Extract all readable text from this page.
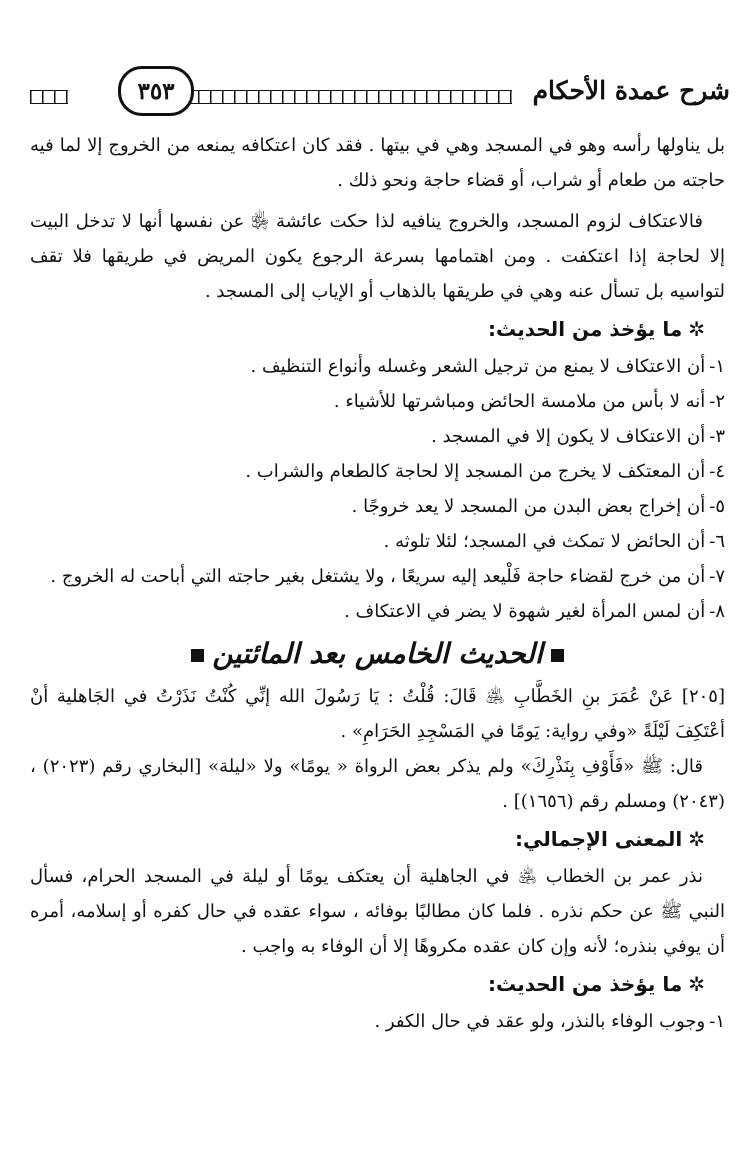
شرح عمدة الأحكام
٣٥٣

بل يناولها رأسه وهو في المسجد وهي في بيتها . فقد كان اعتكافه يمنعه من الخروج إلا لما فيه حاجته من طعام أو شراب، أو قضاء حاجة ونحو ذلك .

فالاعتكاف لزوم المسجد، والخروج ينافيه لذا حكت عائشة ﵂ عن نفسها أنها لا تدخل البيت إلا لحاجة إذا اعتكفت . ومن اهتمامها بسرعة الرجوع يكون المريض في طريقها فلا تقف لتواسيه بل تسأل عنه وهي في طريقها بالذهاب أو الإياب إلى المسجد .

✲ما يؤخذ من الحديث:
١-أن الاعتكاف لا يمنع من ترجيل الشعر وغسله وأنواع التنظيف .
٢-أنه لا بأس من ملامسة الحائض ومباشرتها للأشياء .
٣-أن الاعتكاف لا يكون إلا في المسجد .
٤-أن المعتكف لا يخرج من المسجد إلا لحاجة كالطعام والشراب .
٥-أن إخراج بعض البدن من المسجد لا يعد خروجًا .
٦-أن الحائض لا تمكث في المسجد؛ لئلا تلوثه .
٧-أن من خرج لقضاء حاجة فَلْيعد إليه سريعًا ، ولا يشتغل بغير حاجته التي أباحت له الخروج .
٨-أن لمس المرأة لغير شهوة لا يضر في الاعتكاف .
الحديث الخامس بعد المائتين

[٢٠٥] عَنْ عُمَرَ بنِ الخَطَّابِ ﵁ قَالَ: قُلْتُ : يَا رَسُولَ الله إنِّي كُنْتُ نَذَرْتُ في الجَاهلية أنْ أعْتَكِفَ لَيْلَةً «وفي رواية: يَومًا في المَسْجِدِ الحَرَامِ» .

قال: ﷺ «فَأَوْفِ بِنَذْرِكَ» ولم يذكر بعض الرواة « يومًا» ولا «ليلة» [البخاري رقم (٢٠٢٣) ، (٢٠٤٣) ومسلم رقم (١٦٥٦)] .

✲المعنى الإجمالي:

نذر عمر بن الخطاب ﵁ في الجاهلية أن يعتكف يومًا أو ليلة في المسجد الحرام، فسأل النبي ﷺ عن حكم نذره . فلما كان مطالبًا بوفائه ، سواء عقده في حال كفره أو إسلامه، أمره أن يوفي بنذره؛ لأنه وإن كان عقده مكروهًا إلا أن الوفاء به واجب .

✲ما يؤخذ من الحديث:
١-وجوب الوفاء بالنذر، ولو عقد في حال الكفر .
